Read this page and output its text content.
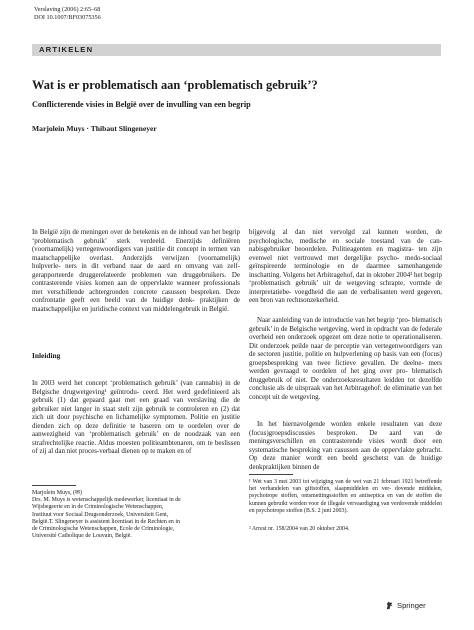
Verslaving (2006) 2:65–68
DOI 10.1007/BF03075356
ARTIKELEN
Wat is er problematisch aan ‘problematisch gebruik’?
Conflicterende visies in België over de invulling van een begrip
Marjolein Muys · Thibaut Slingeneyer

In België zijn de meningen over de betekenis en de inhoud van het begrip ‘problematisch gebruik’ sterk verdeeld. Enerzijds definiëren (voornamelijk) vertegenwoordigers van justitie dit concept in termen van maatschappelijke overlast. Anderzijds verwijzen (voornamelijk) hulpverle- ners in dit verband naar de aard en omvang van zelf- gerapporteerde druggerelateerde problemen van druggebruikers. De contrasterende visies komen aan de oppervlakte wanneer professionals met verschillende achtergronden concrete casussen bespreken. Deze confrontatie geeft een beeld van de huidige denk- praktijken de maatschappelijke en juridische context van middelengebruik in België.

Inleiding

In 2003 werd het concept ‘problematisch gebruik’ (van cannabis) in de Belgische drugwetgeving¹ geïntrodu- ceerd. Het werd gedefinieerd als gebruik (1) dat gepaard gaat met een graad van verslaving die de gebruiker niet langer in staat stelt zijn gebruik te controleren en (2) dat zich uit door psychische en lichamelijke symptomen. Politie en justitie dienden zich op deze definitie te baseren om te oordelen over de aanwezigheid van ‘problematisch gebruik’ en de noodzaak van een strafrechtelijke reactie. Aldus moesten politieambtenaren, om te beslissen of zij al dan niet proces-verbaal dienen op te maken en of

Marjolein Muys, (✉)
Drs. M. Muys is wetenschappelijk medewerker, licentiaat in de
Wijsbegeerte en in de Criminologische Wetenschappen,
Instituut voor Sociaal Drugsonderzoek, Universiteit Gent,
België.T. Slingeneyer is assistent licentiaat in de Rechten en in
de Criminologische Wetenschappen, Ecole de Criminologie,
Université Catholique de Louvain, België.

bijgevolg al dan niet vervolgd zal kunnen worden, de psychologische, medische en sociale toestand van de can- nabisgebruiker beoordelen. Politieagenten en magistra- ten zijn evenwel niet vertrouwd met dergelijke psycho- medo-sociaal geïnspireerde terminologie en de daarmee samenhangende inschatting. Volgens het Arbitragehof, dat in oktober 2004² het begrip ‘problematisch gebruik’ uit de wetgeving schrapte, vormde de interpretatiebe- voegdheid die aan de verbalisanten werd gegeven, een bron van rechtsonzekerheid.

Naar aanleiding van de introductie van het begrip ‘pro- blematisch gebruik’ in de Belgische wetgeving, werd in opdracht van de federale overheid een onderzoek opgezet om deze notie te operationaliseren. Dit onderzoek peilde naar de perceptie van vertegenwoordigers van de sectoren justitie, politie en hulpverlening op basis van een (focus) groepsbespreking van twee fictieve gevallen. De deelne- mers werden gevraagd te oordelen of het ging over pro- blematisch druggebruik of niet. De onderzoeksresultaten leidden tot dezelfde conclusie als de uitspraak van het Arbitragehof: de eliminatie van het concept uit de wetgeving.

In het hiernavolgende worden enkele resultaten van deze (focus)groepsdiscussies besproken. De aard van de meningsverschillen en contrasterende visies wordt door een systematische bespreking van casussen aan de oppervlakte gebracht. Op deze manier wordt een beeld geschetst van de huidige denkpraktijken binnen de

¹ Wet van 3 mei 2003 tot wijziging van de wet van 21 februari 1921 betreffende het verhandelen van giftstoffen, slaapmiddelen en ver- dovende middelen, psychotrope stoffen, ontsmettingsstoffen en antiseptica en van de stoffen die kunnen gebruikt worden voor de illegale vervaardiging van verdovende middelen en psychotrope stoffen (B.S. 2 juni 2003).

² Arrest nr. 158/2004 van 20 oktober 2004.
Springer
